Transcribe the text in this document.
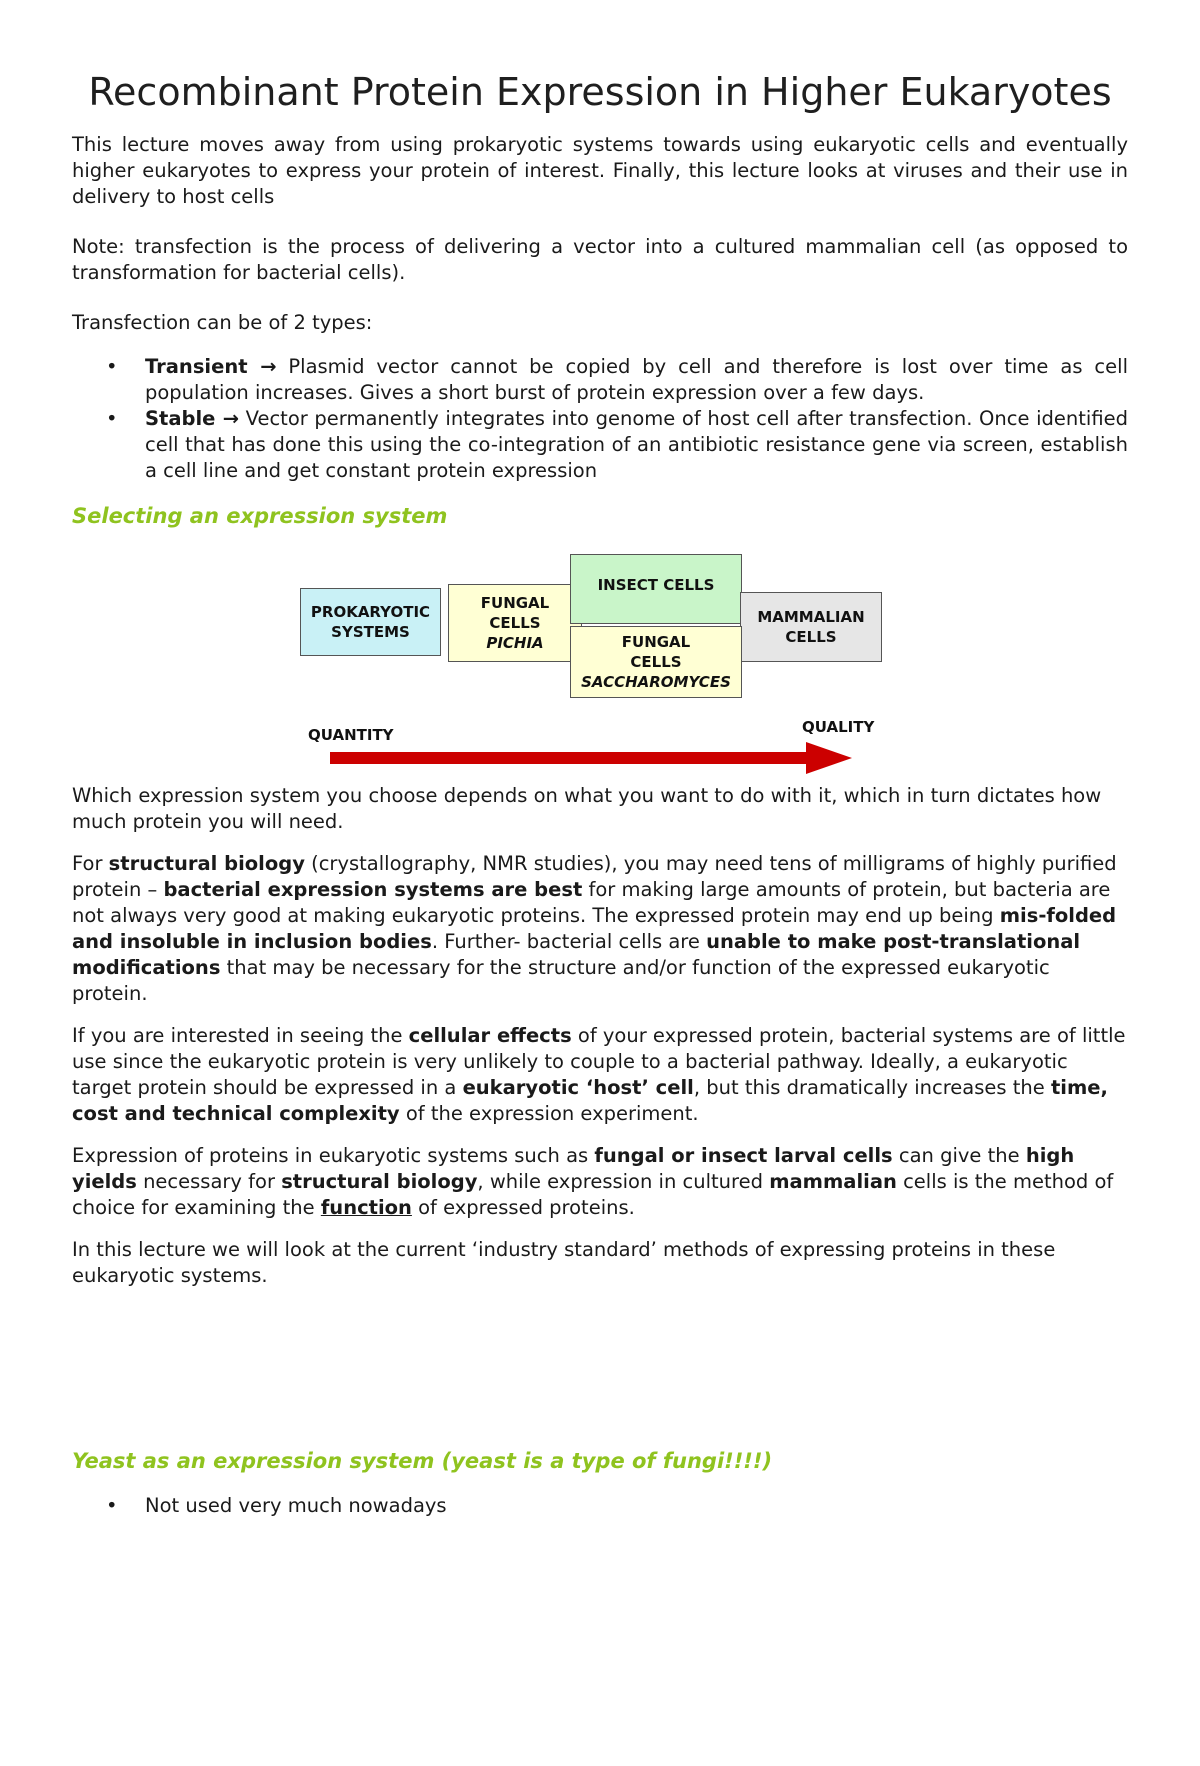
Recombinant Protein Expression in Higher Eukaryotes

This lecture moves away from using prokaryotic systems towards using eukaryotic cells and eventually higher eukaryotes to express your protein of interest. Finally, this lecture looks at viruses and their use in delivery to host cells

Note: transfection is the process of delivering a vector into a cultured mammalian cell (as opposed to transformation for bacterial cells).

Transfection can be of 2 types:

• Transient → Plasmid vector cannot be copied by cell and therefore is lost over time as cell population increases. Gives a short burst of protein expression over a few days.
• Stable → Vector permanently integrates into genome of host cell after transfection. Once identified cell that has done this using the co-integration of an antibiotic resistance gene via screen, establish a cell line and get constant protein expression
Selecting an expression system
PROKARYOTIC SYSTEMS
FUNGAL
CELLS
PICHIA
INSECT CELLS
MAMMALIAN CELLS
FUNGAL
CELLS
SACCHAROMYCES
QUANTITY	QUALITY

Which expression system you choose depends on what you want to do with it, which in turn dictates how much protein you will need.

For structural biology (crystallography, NMR studies), you may need tens of milligrams of highly purified protein – bacterial expression systems are best for making large amounts of protein, but bacteria are not always very good at making eukaryotic proteins. The expressed protein may end up being mis-folded and insoluble in inclusion bodies. Further- bacterial cells are unable to make post-translational modifications that may be necessary for the structure and/or function of the expressed eukaryotic protein.

If you are interested in seeing the cellular effects of your expressed protein, bacterial systems are of little use since the eukaryotic protein is very unlikely to couple to a bacterial pathway. Ideally, a eukaryotic target protein should be expressed in a eukaryotic ‘host’ cell, but this dramatically increases the time, cost and technical complexity of the expression experiment.

Expression of proteins in eukaryotic systems such as fungal or insect larval cells can give the high yields necessary for structural biology, while expression in cultured mammalian cells is the method of choice for examining the function of expressed proteins.

In this lecture we will look at the current ‘industry standard’ methods of expressing proteins in these eukaryotic systems.

Yeast as an expression system (yeast is a type of fungi!!!!)
• Not used very much nowadays
